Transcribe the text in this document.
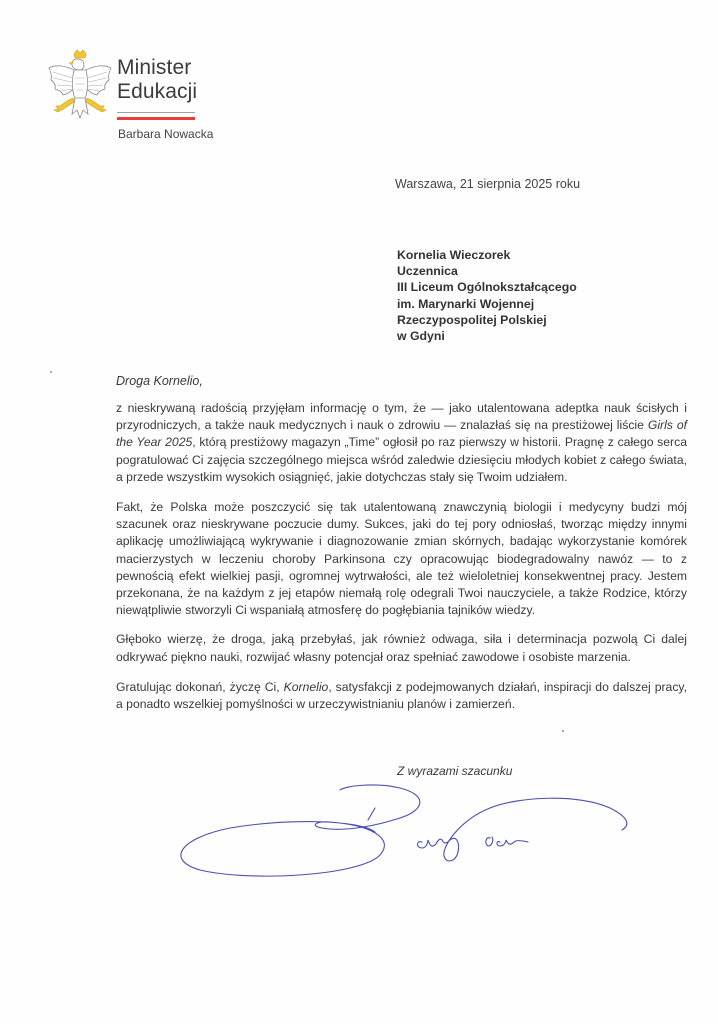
Minister
Edukacji
Barbara Nowacka
Warszawa, 21 sierpnia 2025 roku
Kornelia Wieczorek
Uczennica
III Liceum Ogólnokształcącego
im. Marynarki Wojennej
Rzeczypospolitej Polskiej
w Gdyni
Droga Kornelio,

z nieskrywaną radością przyjęłam informację o tym, że — jako utalentowana adeptka nauk ścisłych i przyrodniczych, a także nauk medycznych i nauk o zdrowiu — znalazłaś się na prestiżowej liście Girls of the Year 2025, którą prestiżowy magazyn „Time” ogłosił po raz pierwszy w historii. Pragnę z całego serca pogratulować Ci zajęcia szczególnego miejsca wśród zaledwie dziesięciu młodych kobiet z całego świata, a przede wszystkim wysokich osiągnięć, jakie dotychczas stały się Twoim udziałem.

Fakt, że Polska może poszczycić się tak utalentowaną znawczynią biologii i medycyny budzi mój szacunek oraz nieskrywane poczucie dumy. Sukces, jaki do tej pory odniosłaś, tworząc między innymi aplikację umożliwiającą wykrywanie i diagnozowanie zmian skórnych, badając wykorzystanie komórek macierzystych w leczeniu choroby Parkinsona czy opracowując biodegradowalny nawóz — to z pewnością efekt wielkiej pasji, ogromnej wytrwałości, ale też wieloletniej konsekwentnej pracy. Jestem przekonana, że na każdym z jej etapów niemałą rolę odegrali Twoi nauczyciele, a także Rodzice, którzy niewątpliwie stworzyli Ci wspaniałą atmosferę do pogłębiania tajników wiedzy.

Głęboko wierzę, że droga, jaką przebyłaś, jak również odwaga, siła i determinacja pozwolą Ci dalej odkrywać piękno nauki, rozwijać własny potencjał oraz spełniać zawodowe i osobiste marzenia.

Gratulując dokonań, życzę Ci, Kornelio, satysfakcji z podejmowanych działań, inspiracji do dalszej pracy, a ponadto wszelkiej pomyślności w urzeczywistnianiu planów i zamierzeń.

Z wyrazami szacunku
